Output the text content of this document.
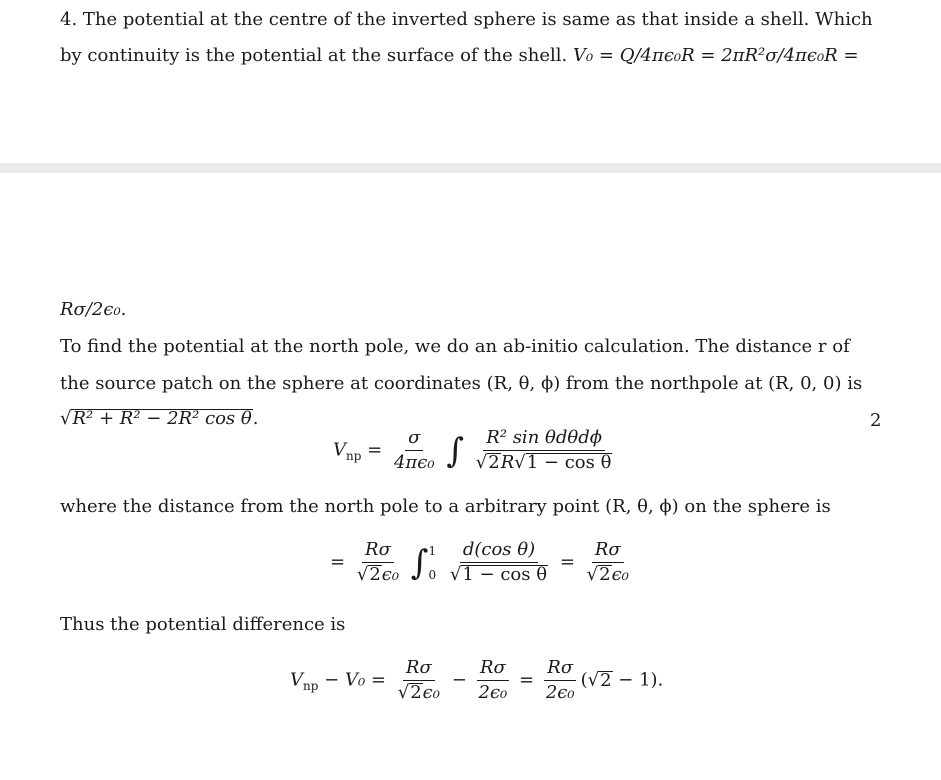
4. The potential at the centre of the inverted sphere is same as that inside a shell. Which
by continuity is the potential at the surface of the shell. V₀ = Q/4πϵ₀R = 2πR²σ/4πϵ₀R =
2
Rσ/2ϵ₀.
To find the potential at the north pole, we do an ab-initio calculation. The distance r of
the source patch on the sphere at coordinates (R, θ, ϕ) from the northpole at (R, 0, 0) is
√R² + R² − 2R² cos θ.
$V_{np} = \frac{\sigma}{\text{4πϵ₀}}$ ∫ $\frac{\text{R² sin θdθdϕ}}{\text{√2R√1 − cos θ}}$
where the distance from the north pole to a arbitrary point (R, θ, ϕ) on the sphere is
= $\frac{R\sigma}{\text{√2ϵ₀}}$ ∫ 1
0
$\frac{\text{d(cos θ)}}{\text{√1 − cos θ}} = \frac{R\sigma}{\text{√2ϵ₀}}$
Thus the potential difference is
$V_{np} - V_0 = \frac{R\sigma}{\text{√2ϵ₀}} - \frac{R\sigma}{\text{2ϵ₀}} = \frac{R\sigma}{\text{2ϵ₀}} (√2 - 1)$.
